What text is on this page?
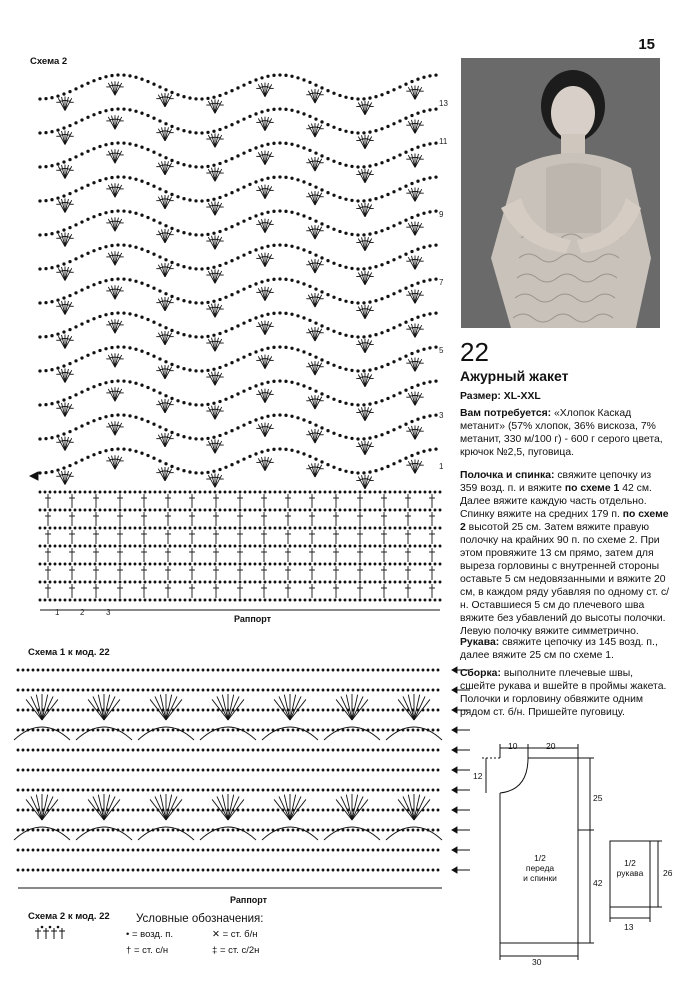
15
Схема 2
13
11
9
7
5
3
1
1	2	3
Раппорт
Схема 1 к мод. 22
Раппорт
Схема 2 к мод. 22 Условные обозначения:
• = возд. п.	✕ = ст. б/н
† = ст. с/н	‡ = ст. с/2н
22
Ажурный жакет
Размер: XL-XXL
Вам потребуется: «Хлопок Каскад метанит» (57% хлопок, 36% вискоза, 7% метанит, 330 м/100 г) - 600 г серого цвета, крючок №2,5, пуговица.
Полочка и спинка: свяжите цепочку из 359 возд. п. и вяжите по схеме 1 42 см. Далее вяжите каждую часть отдельно. Спинку вяжите на средних 179 п. по схеме 2 высотой 25 см. Затем вяжите правую полочку на крайних 90 п. по схеме 2. При этом провяжите 13 см прямо, затем для выреза горловины с внутренней стороны оставьте 5 см недовязанными и вяжите 20 см, в каждом ряду убавляя по одному ст. с/н. Оставшиеся 5 см до плечевого шва вяжите без убавлений до высоты полочки. Левую полочку вяжите симметрично.
Рукава: свяжите цепочку из 145 возд. п., далее вяжите 25 см по схеме 1.
Сборка: выполните плечевые швы, сшейте рукава и вшейте в проймы жакета. Полочки и горловину обвяжите одним рядом ст. б/н. Пришейте пуговицу.
10	20
12
25
42
30
26
13
1/2
переда
и спинки
1/2
рукава
